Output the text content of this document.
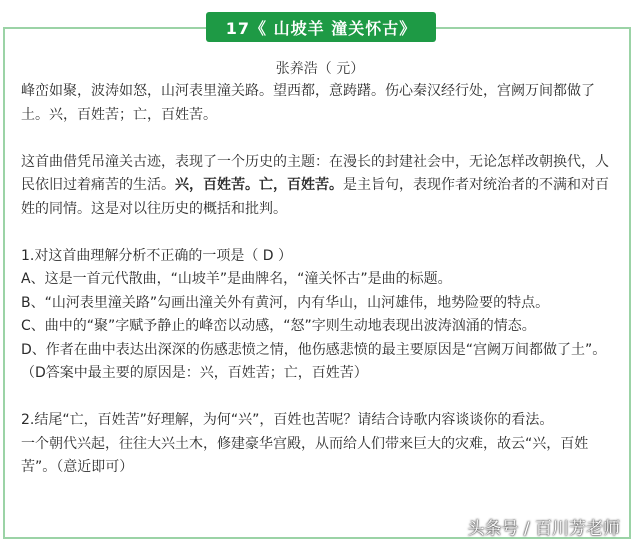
17《 山坡羊 潼关怀古》
张养浩（ 元）

峰峦如聚，波涛如怒，山河表里潼关路。望西都，意踌躇。伤心秦汉经行处，宫阙万间都做了土。兴，百姓苦；亡，百姓苦。

这首曲借凭吊潼关古迹，表现了一个历史的主题：在漫长的封建社会中，无论怎样改朝换代，人民依旧过着痛苦的生活。兴，百姓苦。亡，百姓苦。是主旨句，表现作者对统治者的不满和对百姓的同情。这是对以往历史的概括和批判。

1.对这首曲理解分析不正确的一项是（ D ）

A、这是一首元代散曲，“山坡羊”是曲牌名，“潼关怀古”是曲的标题。

B、“山河表里潼关路”勾画出潼关外有黄河，内有华山，山河雄伟，地势险要的特点。

C、曲中的“聚”字赋予静止的峰峦以动感，“怒”字则生动地表现出波涛汹涌的情态。

D、作者在曲中表达出深深的伤感悲愤之情，他伤感悲愤的最主要原因是“宫阙万间都做了土”。

（D答案中最主要的原因是：兴，百姓苦；亡，百姓苦）

2.结尾“亡，百姓苦”好理解，为何“兴”，百姓也苦呢？请结合诗歌内容谈谈你的看法。

一个朝代兴起，往往大兴土木，修建豪华宫殿，从而给人们带来巨大的灾难，故云“兴，百姓苦”。（意近即可）

头条号 / 百川芳老师
